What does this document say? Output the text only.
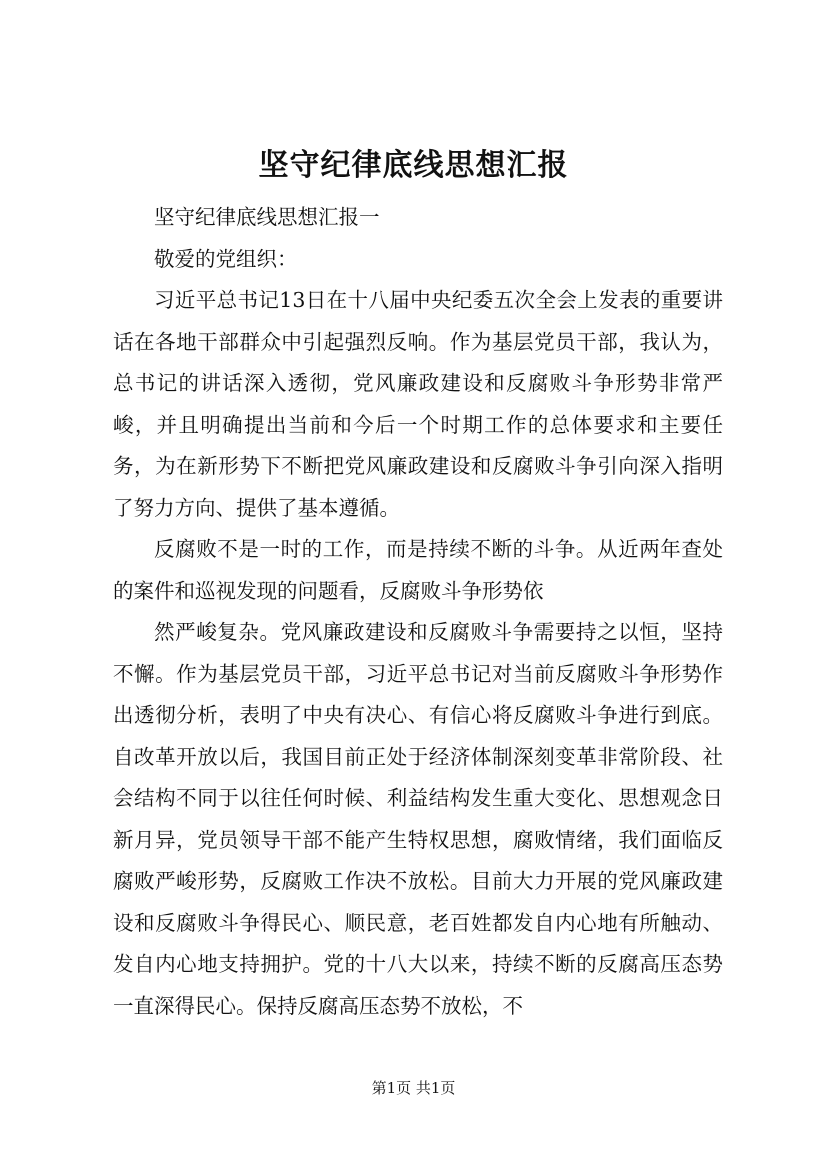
坚守纪律底线思想汇报

坚守纪律底线思想汇报一

敬爱的党组织：

习近平总书记13日在十八届中央纪委五次全会上发表的重要讲话在各地干部群众中引起强烈反响。作为基层党员干部，我认为，总书记的讲话深入透彻，党风廉政建设和反腐败斗争形势非常严峻，并且明确提出当前和今后一个时期工作的总体要求和主要任务，为在新形势下不断把党风廉政建设和反腐败斗争引向深入指明了努力方向、提供了基本遵循。

反腐败不是一时的工作，而是持续不断的斗争。从近两年查处的案件和巡视发现的问题看，反腐败斗争形势依

然严峻复杂。党风廉政建设和反腐败斗争需要持之以恒，坚持不懈。作为基层党员干部，习近平总书记对当前反腐败斗争形势作出透彻分析，表明了中央有决心、有信心将反腐败斗争进行到底。自改革开放以后，我国目前正处于经济体制深刻变革非常阶段、社会结构不同于以往任何时候、利益结构发生重大变化、思想观念日新月异，党员领导干部不能产生特权思想，腐败情绪，我们面临反腐败严峻形势，反腐败工作决不放松。目前大力开展的党风廉政建设和反腐败斗争得民心、顺民意，老百姓都发自内心地有所触动、发自内心地支持拥护。党的十八大以来，持续不断的反腐高压态势一直深得民心。保持反腐高压态势不放松，不

第1页 共1页
